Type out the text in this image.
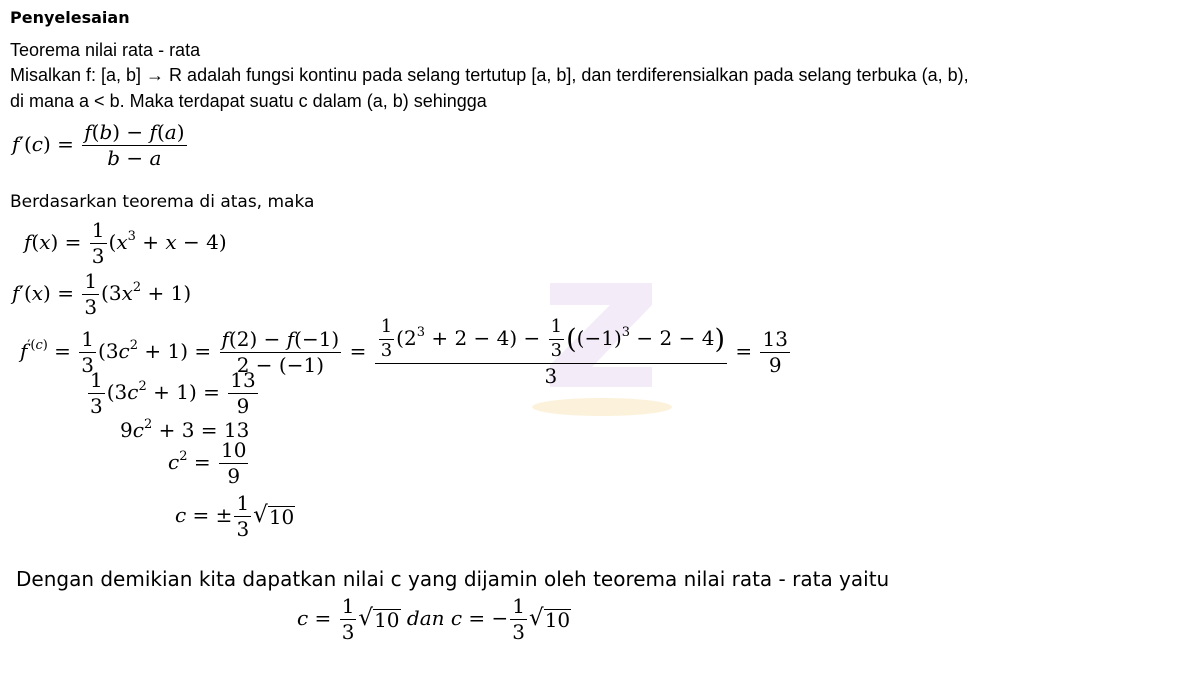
Penyelesaian
Teorema nilai rata - rata
Misalkan f: [a, b] → R adalah fungsi kontinu pada selang tertutup [a, b], dan terdiferensialkan pada selang terbuka (a, b),
di mana a < b. Maka terdapat suatu c dalam (a, b) sehingga
$f'(c) = \frac{f(b) - f(a)}{b - a}$
Berdasarkan teorema di atas, maka
$f(x) = \frac{1}{3} (x^3 + x - 4)$
$f'(x) = \frac{1}{3} (3x^2 + 1)$
$f^{'(c)} = \frac{1}{3} (3c^2 + 1) = \frac{f(2) - f(-1)}{2 - (-1)} = \frac{\frac{1}{3} (2^3 + 2 - 4) - \frac{1}{3} ((-1)^3 - 2 - 4)}{3} = \frac{13}{9}$
$\frac{1}{3} (3c^2 + 1) = \frac{13}{9}$
$9c^2 + 3 = 13$
$c^2 = \frac{10}{9}$
c = ± $\frac{1}{3}$ √ 10
Dengan demikian kita dapatkan nilai c yang dijamin oleh teorema nilai rata - rata yaitu
$c = \frac{1}{3}$ √ 10 dan c = − $\frac{1}{3}$ √ 10
